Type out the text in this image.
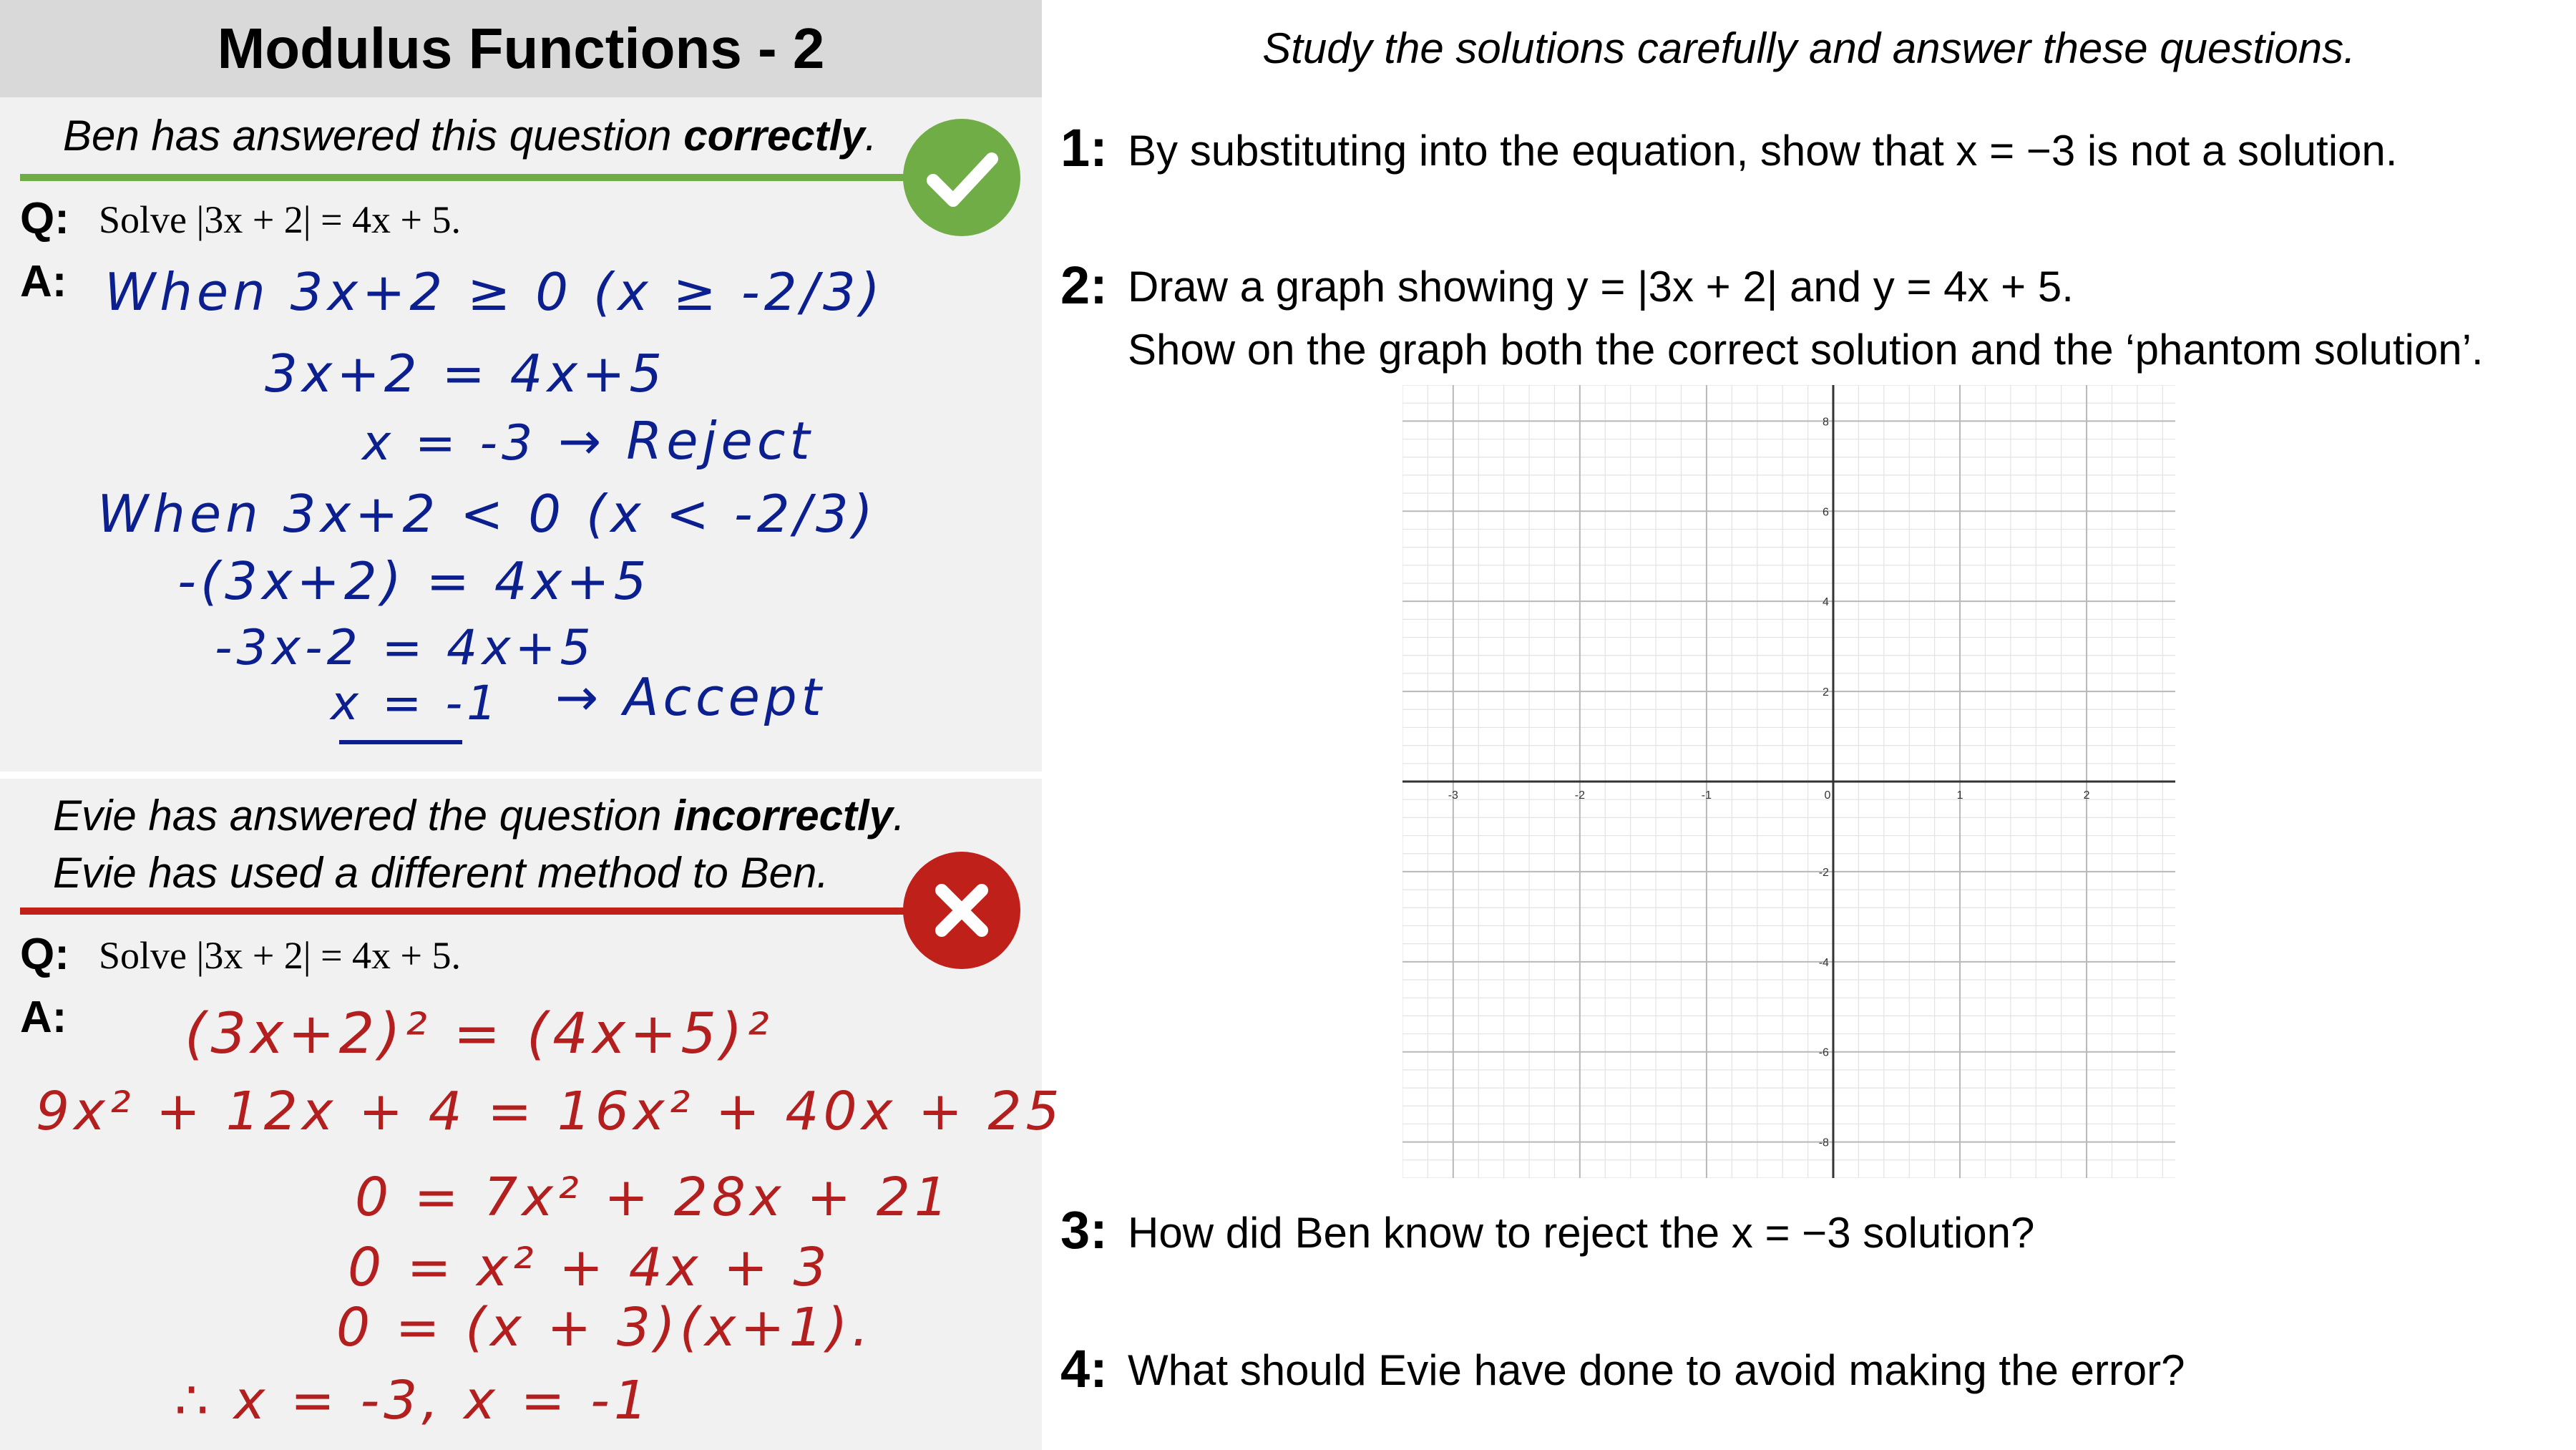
Modulus Functions - 2
Ben has answered this question correctly.
Q: Solve |3x + 2| = 4x + 5.
A: When 3x+2 ≥ 0 (x ≥ -2/3)
3x+2 = 4x+5
x = -3 → Reject
When 3x+2 < 0 (x < -2/3)
-(3x+2) = 4x+5
-3x-2 = 4x+5
x = -1 → Accept
Evie has answered the question incorrectly.
Evie has used a different method to Ben.
Q: Solve |3x + 2| = 4x + 5.
A: (3x+2)² = (4x+5)²
9x² + 12x + 4 = 16x² + 40x + 25
0 = 7x² + 28x + 21
0 = x² + 4x + 3
0 = (x + 3)(x+1).
∴ x = -3, x = -1
Study the solutions carefully and answer these questions.
1: By substituting into the equation, show that x = −3 is not a solution.
2: Draw a graph showing y = |3x + 2| and y = 4x + 5.
Show on the graph both the correct solution and the ‘phantom solution’.
-3	-2	-1	0	1	2
-8
-6
-4
-2
2
4
6
8
3: How did Ben know to reject the x = −3 solution?
4: What should Evie have done to avoid making the error?
